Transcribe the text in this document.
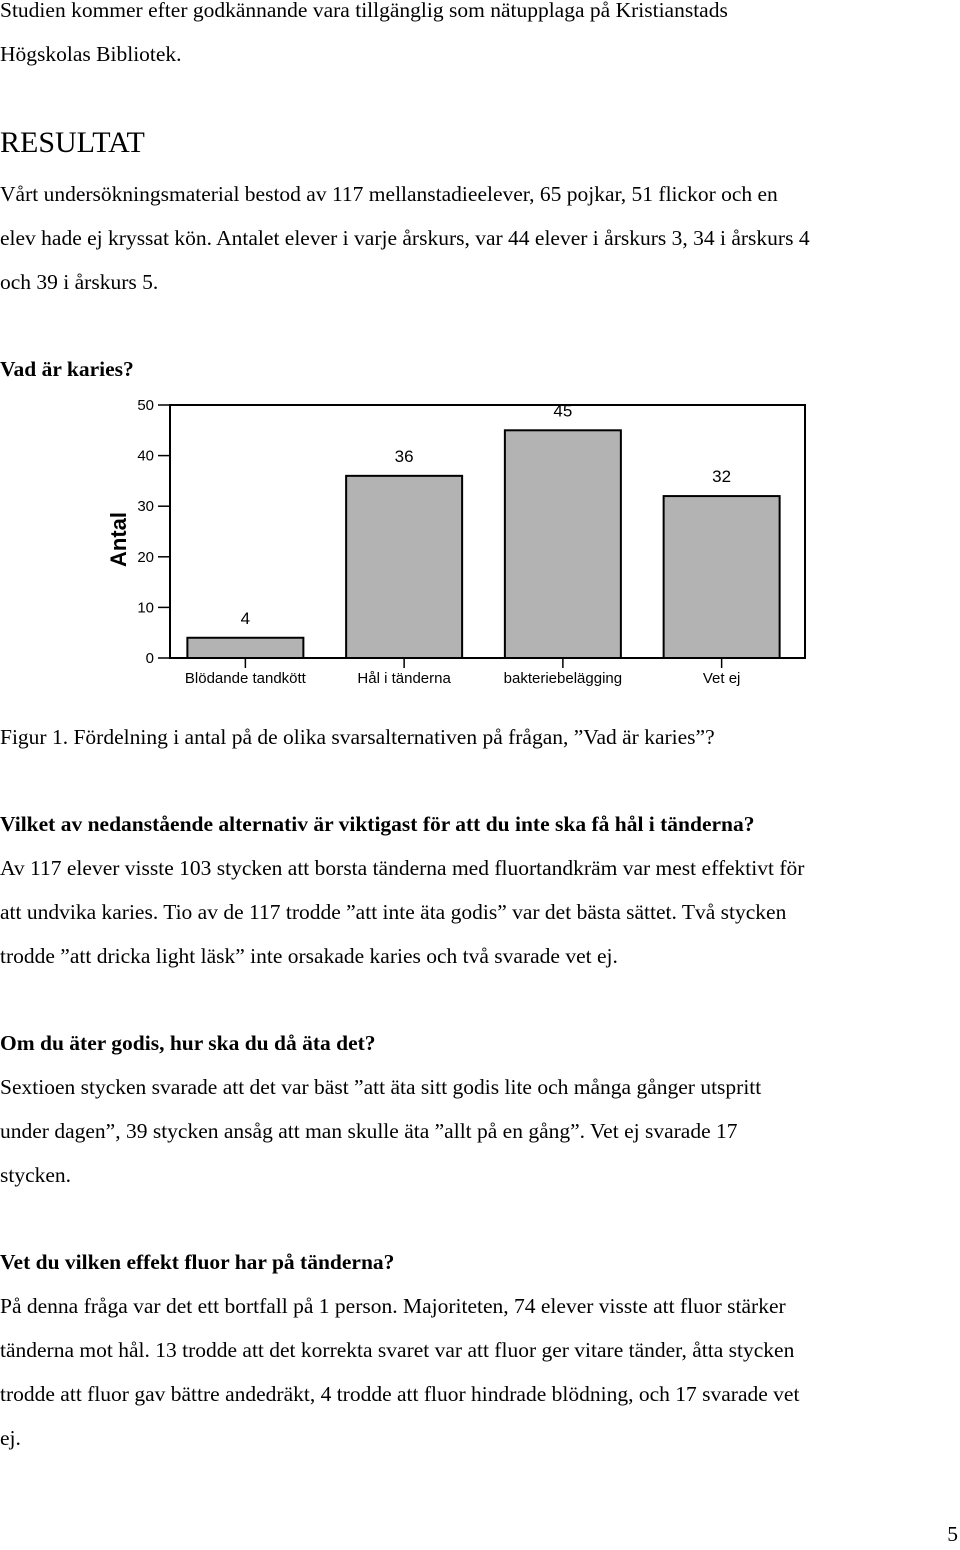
Studien kommer efter godkännande vara tillgänglig som nätupplaga på Kristianstads

Högskolas Bibliotek.

RESULTAT

Vårt undersökningsmaterial bestod av 117 mellanstadieelever, 65 pojkar, 51 flickor och en

elev hade ej kryssat kön. Antalet elever i varje årskurs, var 44 elever i årskurs 3, 34 i årskurs 4

och 39 i årskurs 5.

Vad är karies?

0
10
20
30
40
50
Antal
4
Blödande tandkött
36
Hål i tänderna
45
bakteriebelägging
32
Vet ej

Figur 1. Fördelning i antal på de olika svarsalternativen på frågan, ”Vad är karies”?

Vilket av nedanstående alternativ är viktigast för att du inte ska få hål i tänderna?

Av 117 elever visste 103 stycken att borsta tänderna med fluortandkräm var mest effektivt för

att undvika karies. Tio av de 117 trodde ”att inte äta godis” var det bästa sättet. Två stycken

trodde ”att dricka light läsk” inte orsakade karies och två svarade vet ej.

Om du äter godis, hur ska du då äta det?

Sextioen stycken svarade att det var bäst ”att äta sitt godis lite och många gånger utspritt

under dagen”, 39 stycken ansåg att man skulle äta ”allt på en gång”. Vet ej svarade 17

stycken.

Vet du vilken effekt fluor har på tänderna?

På denna fråga var det ett bortfall på 1 person. Majoriteten, 74 elever visste att fluor stärker

tänderna mot hål. 13 trodde att det korrekta svaret var att fluor ger vitare tänder, åtta stycken

trodde att fluor gav bättre andedräkt, 4 trodde att fluor hindrade blödning, och 17 svarade vet

ej.

5
